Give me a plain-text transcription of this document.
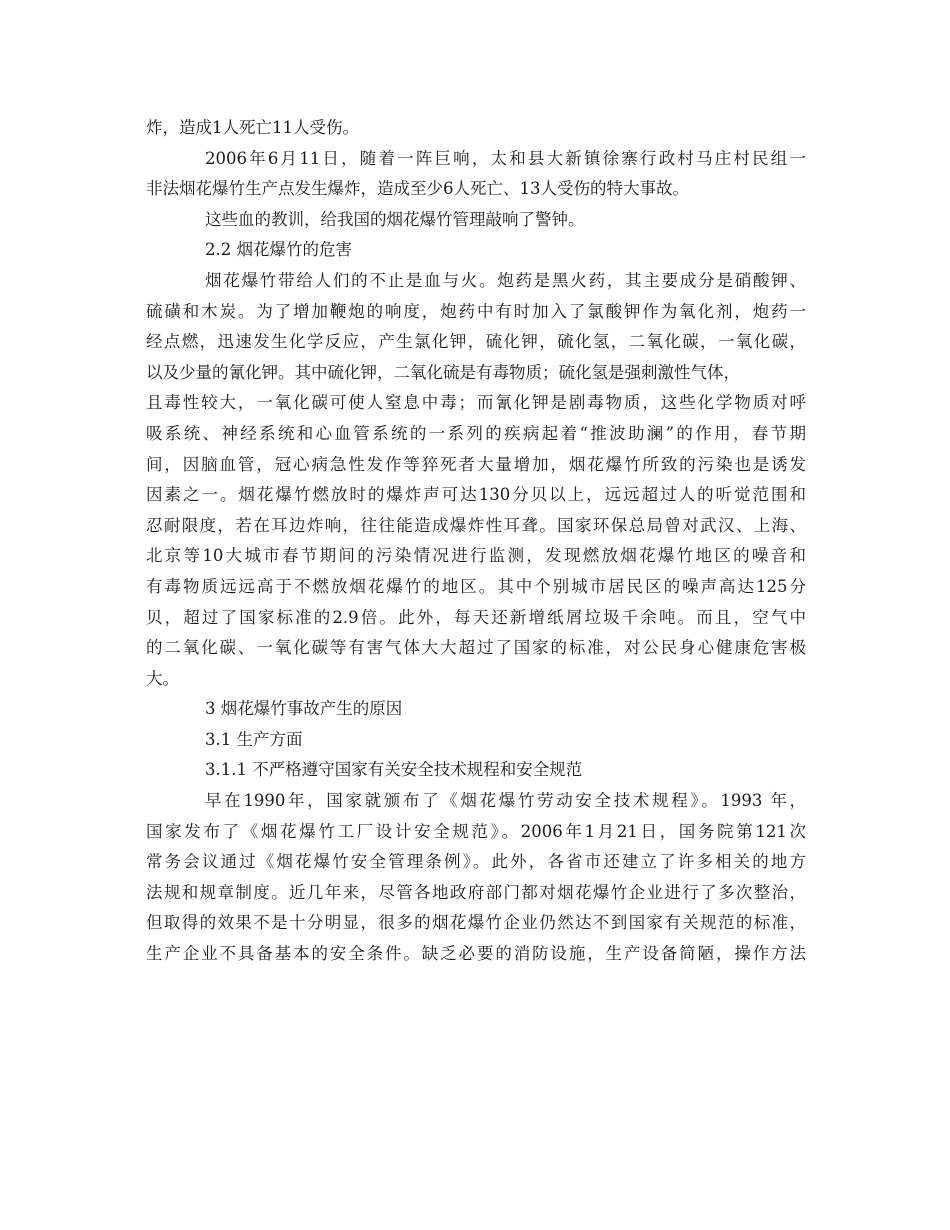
炸，造成1人死亡11人受伤。
2006年6月11日，随着一阵巨响，太和县大新镇徐寨行政村马庄村民组一
非法烟花爆竹生产点发生爆炸，造成至少6人死亡、13人受伤的特大事故。
这些血的教训，给我国的烟花爆竹管理敲响了警钟。
2.2 烟花爆竹的危害
烟花爆竹带给人们的不止是血与火。炮药是黑火药，其主要成分是硝酸钾、
硫磺和木炭。为了增加鞭炮的响度，炮药中有时加入了氯酸钾作为氧化剂，炮药一
经点燃，迅速发生化学反应，产生氯化钾，硫化钾，硫化氢，二氧化碳，一氧化碳，
以及少量的氰化钾。其中硫化钾，二氧化硫是有毒物质；硫化氢是强刺激性气体，
且毒性较大，一氧化碳可使人窒息中毒；而氰化钾是剧毒物质，这些化学物质对呼
吸系统、神经系统和心血管系统的一系列的疾病起着“推波助澜”的作用，春节期
间，因脑血管，冠心病急性发作等猝死者大量增加，烟花爆竹所致的污染也是诱发
因素之一。烟花爆竹燃放时的爆炸声可达130分贝以上，远远超过人的听觉范围和
忍耐限度，若在耳边炸响，往往能造成爆炸性耳聋。国家环保总局曾对武汉、上海、
北京等10大城市春节期间的污染情况进行监测，发现燃放烟花爆竹地区的噪音和
有毒物质远远高于不燃放烟花爆竹的地区。其中个别城市居民区的噪声高达125分
贝，超过了国家标准的2.9倍。此外，每天还新增纸屑垃圾千余吨。而且，空气中
的二氧化碳、一氧化碳等有害气体大大超过了国家的标准，对公民身心健康危害极
大。
3 烟花爆竹事故产生的原因
3.1 生产方面
3.1.1 不严格遵守国家有关安全技术规程和安全规范
早在1990年，国家就颁布了《烟花爆竹劳动安全技术规程》。1993 年，
国家发布了《烟花爆竹工厂设计安全规范》。2006年1月21日，国务院第121次
常务会议通过《烟花爆竹安全管理条例》。此外，各省市还建立了许多相关的地方
法规和规章制度。近几年来，尽管各地政府部门都对烟花爆竹企业进行了多次整治，
但取得的效果不是十分明显，很多的烟花爆竹企业仍然达不到国家有关规范的标准，
生产企业不具备基本的安全条件。缺乏必要的消防设施，生产设备简陋，操作方法
